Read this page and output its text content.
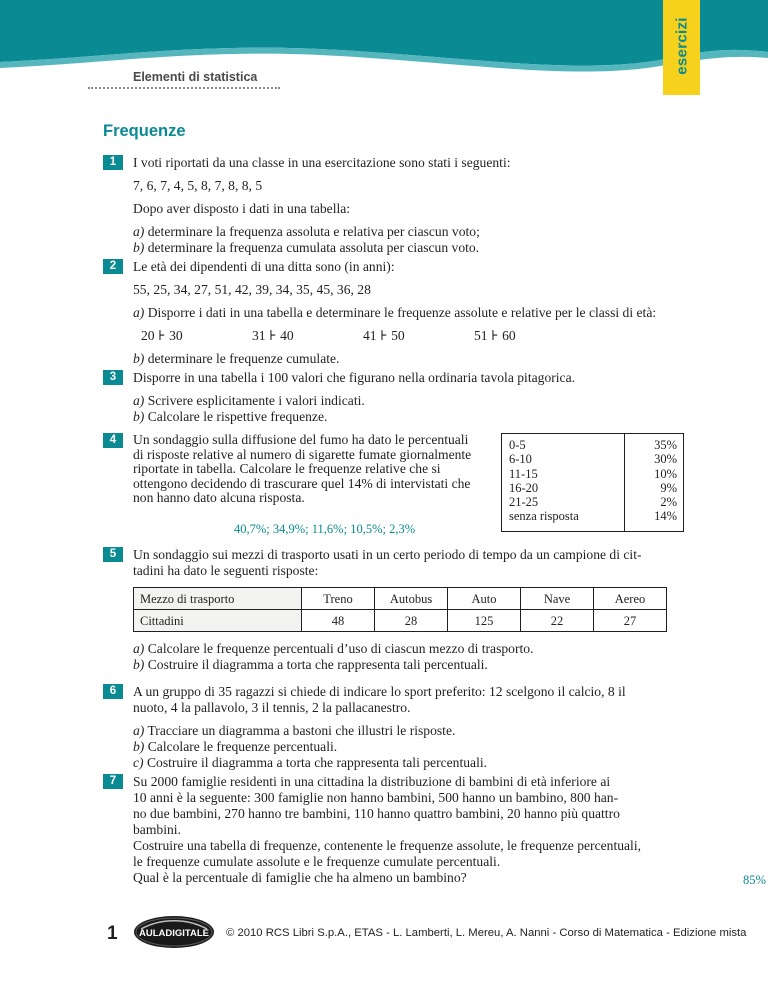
esercizi
Elementi di statistica
Frequenze
1	I voti riportati da una classe in una esercitazione sono stati i seguenti:

7, 6, 7, 4, 5, 8, 7, 8, 8, 5

Dopo aver disposto i dati in una tabella:

a) determinare la frequenza assoluta e relativa per ciascun voto;

b) determinare la frequenza cumulata assoluta per ciascun voto.

2	Le età dei dipendenti di una ditta sono (in anni):

55, 25, 34, 27, 51, 42, 39, 34, 35, 45, 36, 28

a) Disporre i dati in una tabella e determinare le frequenze assolute e relative per le classi di età:

20 ⊦ 30	31 ⊦ 40	41 ⊦ 50	51 ⊦ 60

b) determinare le frequenze cumulate.

3	Disporre in una tabella i 100 valori che figurano nella ordinaria tavola pitagorica.

a) Scrivere esplicitamente i valori indicati.

b) Calcolare le rispettive frequenze.

4	Un sondaggio sulla diffusione del fumo ha dato le percentuali di risposte relative al numero di sigarette fumate giornalmente riportate in tabella. Calcolare le frequenze relative che si ottengono decidendo di trascurare quel 14% di intervistati che non hanno dato alcuna risposta.

40,7%; 34,9%; 11,6%; 10,5%; 2,3%
0-5	35%
6-10	30%
11-15	10%
16-20	9%
21-25	2%
senza risposta	14%
5	Un sondaggio sui mezzi di trasporto usati in un certo periodo di tempo da un campione di cit-

tadini ha dato le seguenti risposte:

Mezzo di trasporto	Treno	Autobus	Auto	Nave	Aereo
Cittadini	48	28	125	22	27

a) Calcolare le frequenze percentuali d’uso di ciascun mezzo di trasporto.

b) Costruire il diagramma a torta che rappresenta tali percentuali.

6	A un gruppo di 35 ragazzi si chiede di indicare lo sport preferito: 12 scelgono il calcio, 8 il

nuoto, 4 la pallavolo, 3 il tennis, 2 la pallacanestro.

a) Tracciare un diagramma a bastoni che illustri le risposte.

b) Calcolare le frequenze percentuali.

c) Costruire il diagramma a torta che rappresenta tali percentuali.

7	Su 2000 famiglie residenti in una cittadina la distribuzione di bambini di età inferiore ai

10 anni è la seguente: 300 famiglie non hanno bambini, 500 hanno un bambino, 800 han-

no due bambini, 270 hanno tre bambini, 110 hanno quattro bambini, 20 hanno più quattro

bambini.

Costruire una tabella di frequenze, contenente le frequenze assolute, le frequenze percentuali,

le frequenze cumulate assolute e le frequenze cumulate percentuali.

Qual è la percentuale di famiglie che ha almeno un bambino?	85%

1 AULADIGITALE © 2010 RCS Libri S.p.A., ETAS - L. Lamberti, L. Mereu, A. Nanni - Corso di Matematica - Edizione mista
